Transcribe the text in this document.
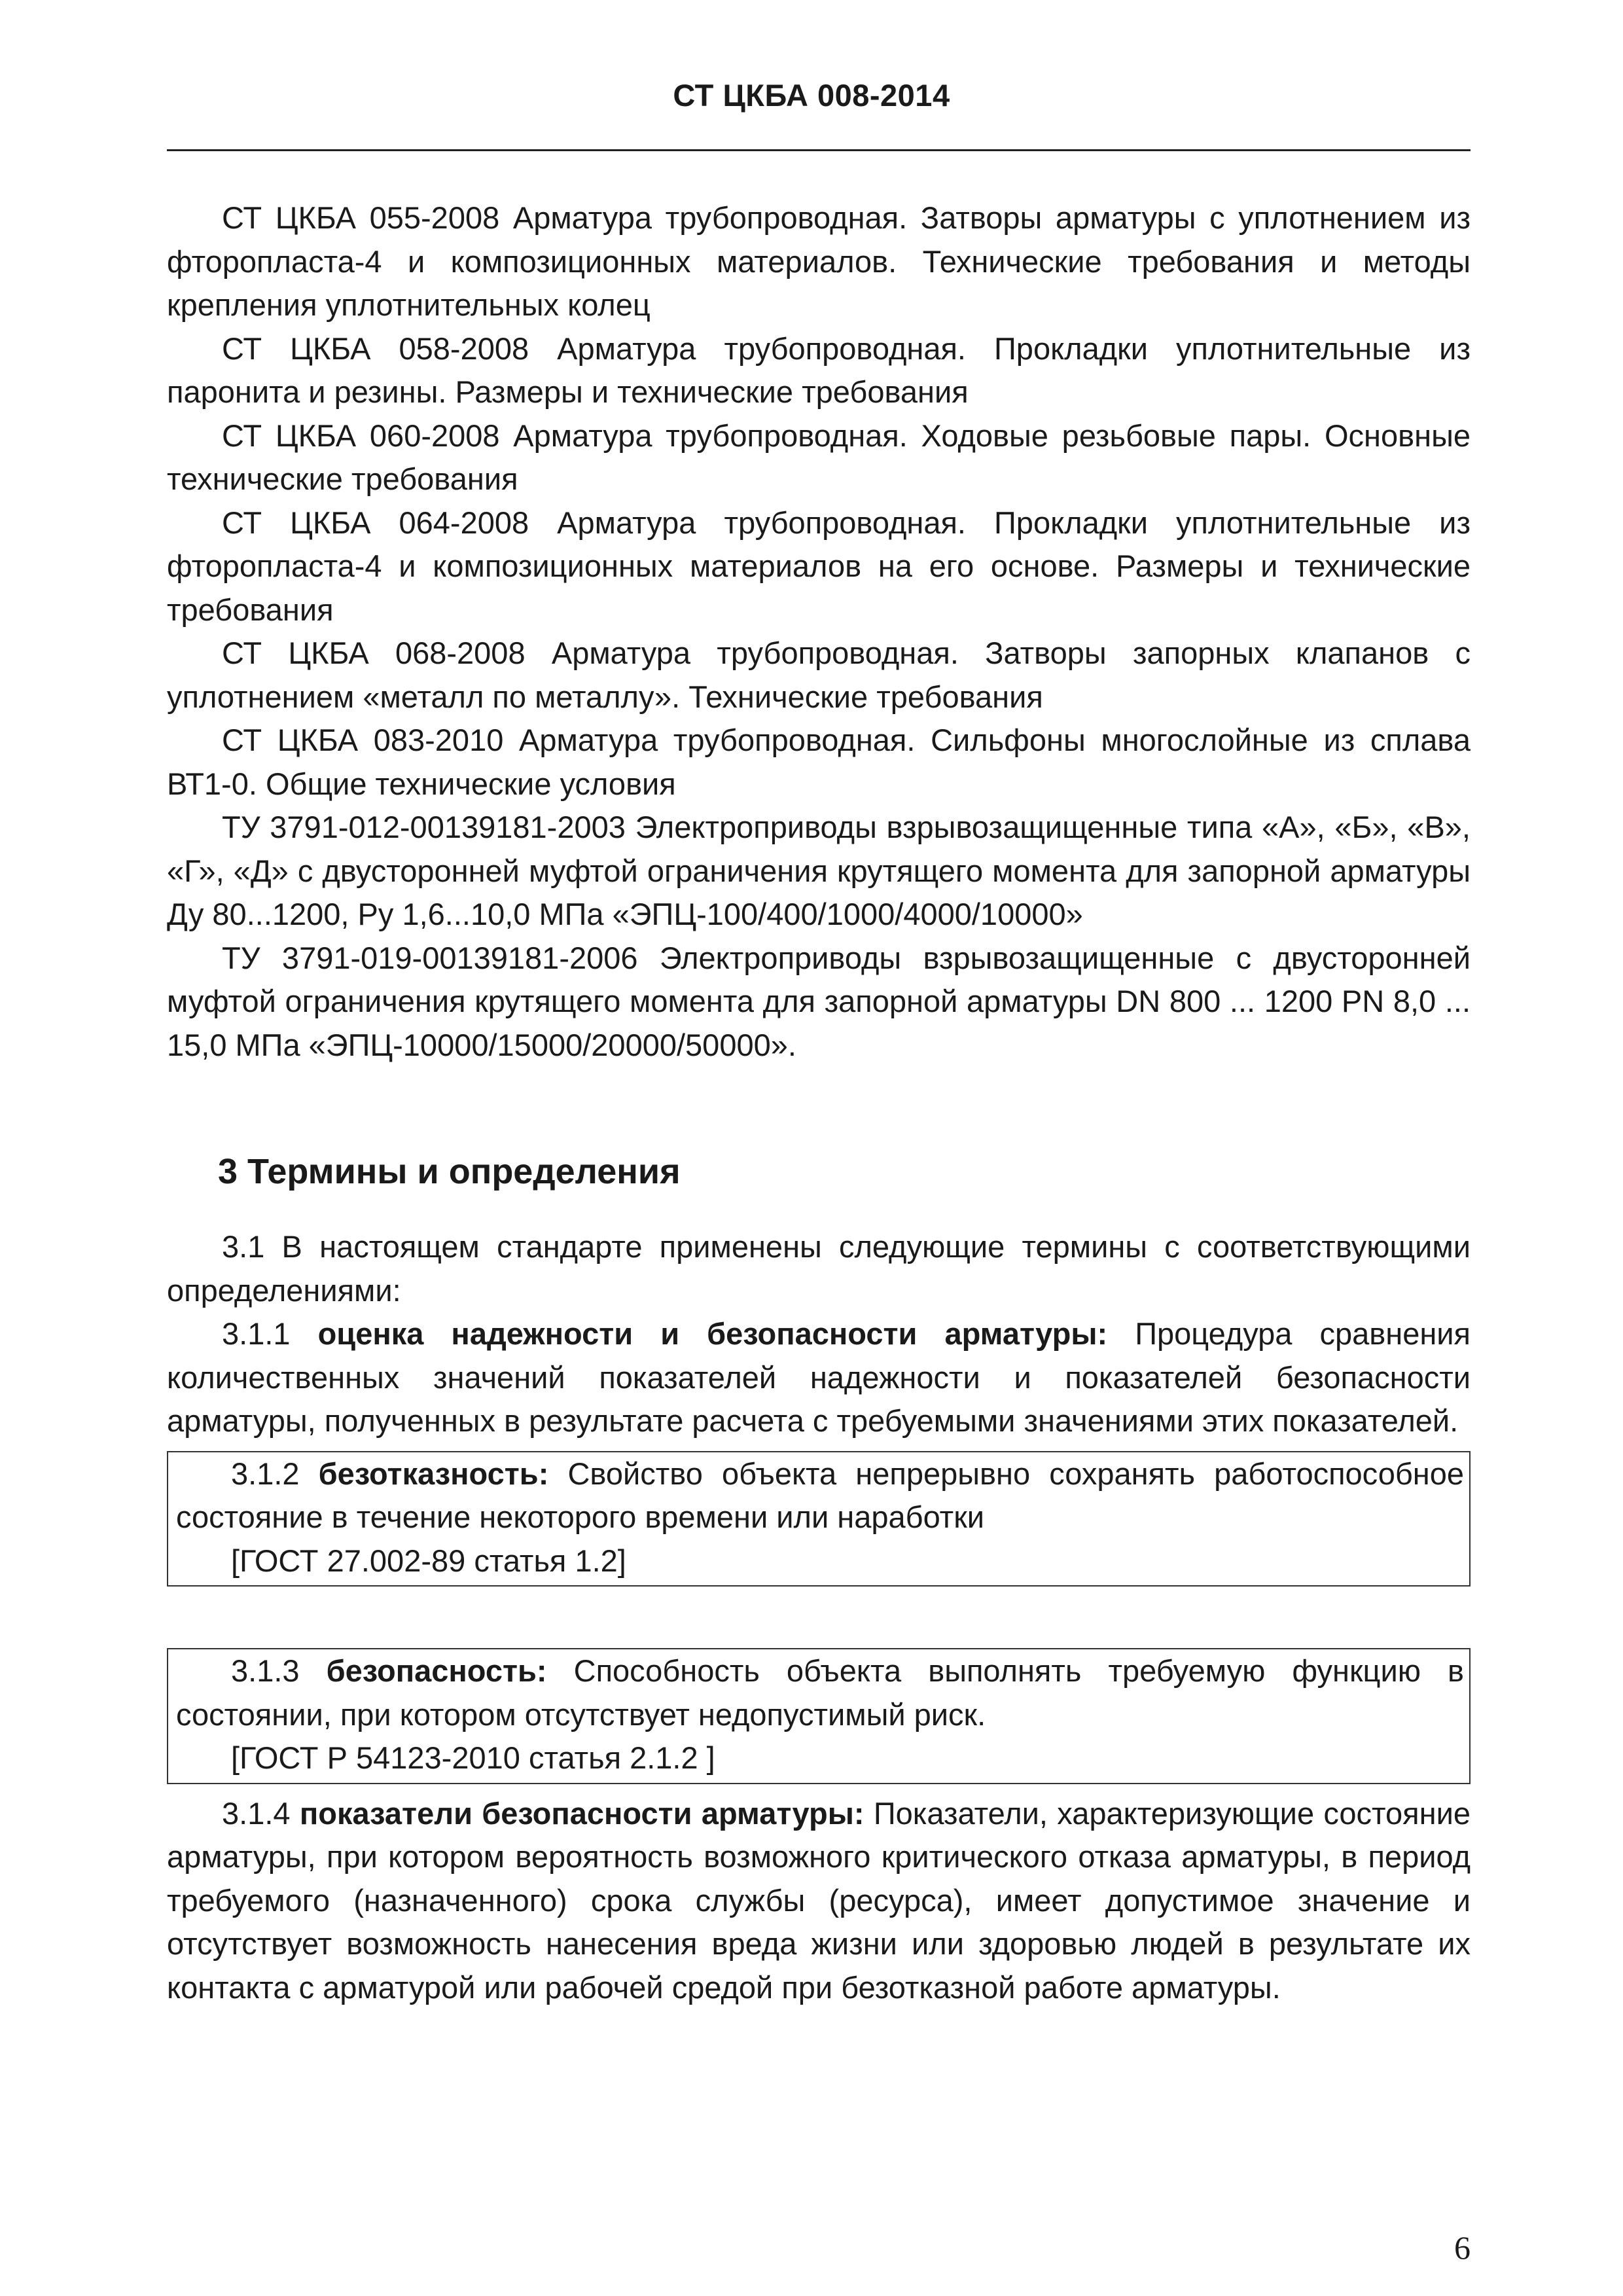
СТ ЦКБА 008-2014

СТ ЦКБА 055-2008 Арматура трубопроводная. Затворы арматуры с уплотнением из фторопласта-4 и композиционных материалов. Технические требования и методы крепления уплотнительных колец

СТ ЦКБА 058-2008 Арматура трубопроводная. Прокладки уплотнительные из паронита и резины. Размеры и технические требования

СТ ЦКБА 060-2008 Арматура трубопроводная. Ходовые резьбовые пары. Основные технические требования

СТ ЦКБА 064-2008 Арматура трубопроводная. Прокладки уплотнительные из фторопласта-4 и композиционных материалов на его основе. Размеры и технические требования

СТ ЦКБА 068-2008 Арматура трубопроводная. Затворы запорных клапанов с уплотнением «металл по металлу». Технические требования

СТ ЦКБА 083-2010 Арматура трубопроводная. Сильфоны многослойные из сплава ВТ1-0. Общие технические условия

ТУ 3791-012-00139181-2003 Электроприводы взрывозащищенные типа «А», «Б», «В», «Г», «Д» с двусторонней муфтой ограничения крутящего момента для запорной арматуры Ду 80...1200, Ру 1,6...10,0 МПа «ЭПЦ-100/400/1000/4000/10000»

ТУ 3791-019-00139181-2006 Электроприводы взрывозащищенные с двусторонней муфтой ограничения крутящего момента для запорной арматуры DN 800 ... 1200 PN 8,0 ... 15,0 МПа «ЭПЦ-10000/15000/20000/50000».

3 Термины и определения

3.1 В настоящем стандарте применены следующие термины с соответствующими определениями:

3.1.1 оценка надежности и безопасности арматуры: Процедура сравнения количественных значений показателей надежности и показателей безопасности арматуры, полученных в результате расчета с требуемыми значениями этих показателей.

3.1.2 безотказность: Свойство объекта непрерывно сохранять работоспособное состояние в течение некоторого времени или наработки

[ГОСТ 27.002-89 статья 1.2]

3.1.3 безопасность: Способность объекта выполнять требуемую функцию в состоянии, при котором отсутствует недопустимый риск.

[ГОСТ Р 54123-2010 статья 2.1.2 ]

3.1.4 показатели безопасности арматуры: Показатели, характеризующие состояние арматуры, при котором вероятность возможного критического отказа арматуры, в период требуемого (назначенного) срока службы (ресурса), имеет допустимое значение и отсутствует возможность нанесения вреда жизни или здоровью людей в результате их контакта с арматурой или рабочей средой при безотказной работе арматуры.

6
